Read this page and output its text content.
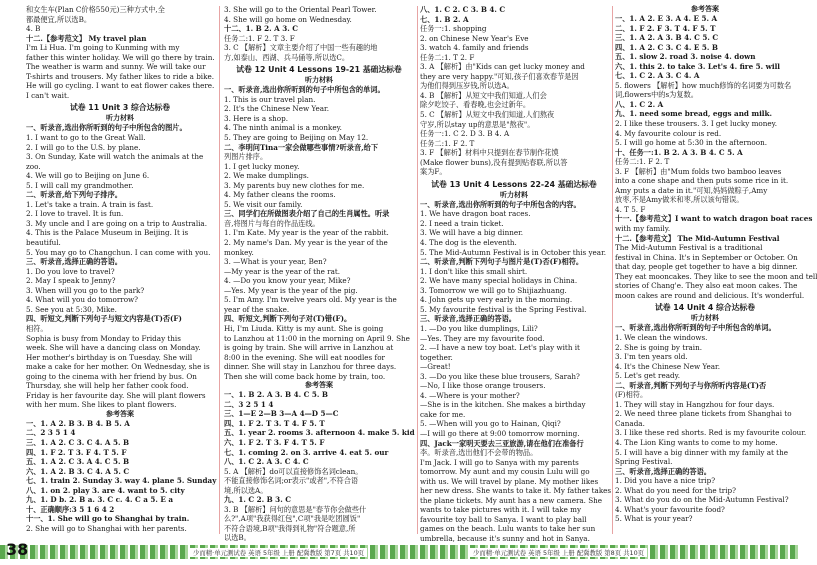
和女生车(Plan C价格550元)三种方式中,全
都最便宜,所以选B。
4. B
十二.【参考范文】 My travel plan
I'm Li Hua. I'm going to Kunming with my
father this winter holiday. We will go there by train.
The weather is warm and sunny. We will take our
T-shirts and trousers. My father likes to ride a bike.
He will go cycling. I want to eat flower cakes there.
I can't wait.
试卷 11 Unit 3 综合达标卷
听力材料
一、听录音,选出你所听到的句子中所包含的图片。
1. I want to go to the Great Wall.
2. I will go to the U.S. by plane.
3. On Sunday, Kate will watch the animals at the
zoo.
4. We will go to Beijing on June 6.
5. I will call my grandmother.
二、听录音,给下列句子排序。
1. Let's take a train. A train is fast.
2. I love to travel. It is fun.
3. My uncle and I are going on a trip to Australia.
4. This is the Palace Museum in Beijing. It is
beautiful.
5. You may go to Changchun. I can come with you.
三、听录音,选择正确的答语。
1. Do you love to travel?
2. May I speak to Jenny?
3. When will you go to the park?
4. What will you do tomorrow?
5. See you at 5:30, Mike.
四、听短文,判断下列句子与短文内容是(T)否(F)
相符。
Sophia is busy from Monday to Friday this
week. She will have a dancing class on Monday.
Her mother's birthday is on Tuesday. She will
make a cake for her mother. On Wednesday, she is
going to the cinema with her friend by bus. On
Thursday, she will help her father cook food.
Friday is her favourite day. She will plant flowers
with her mum. She likes to plant flowers.
参考答案
一、1. A 2. B 3. B 4. B 5. A
二、2 3 5 1 4
三、1. A 2. C 3. C 4. A 5. B
四、1. F 2. T 3. F 4. T 5. F
五、1. A 2. C 3. A 4. C 5. B
六、1. A 2. B 3. C 4. A 5. C
七、1. train 2. Sunday 3. way 4. plane 5. Sunday
八、1. on 2. play 3. are 4. want to 5. city
九、1. D b. 2. B a. 3. C c. 4. C a 5. E a
十、正确顺序:3 5 1 6 4 2
十一、1. She will go to Shanghai by train.
2. She will go to Shanghai with her parents.
3. She will go to the Oriental Pearl Tower.
4. She will go home on Wednesday.
十二、1. B 2. A 3. C
任务二:1. F 2. T 3. F
3. C 【解析】文章主要介绍了中国一些有趣的地
方,如泰山、西湖、兵马俑等,所以选C。
试卷 12 Unit 4 Lessons 19-21 基础达标卷
听力材料
一、听录音,选出你所听到的句子中所包含的单词。
1. This is our travel plan.
2. It's the Chinese New Year.
3. Here is a shop.
4. The ninth animal is a monkey.
5. They are going to Beijing on May 12.
二、李明问Tina一家会做哪些事情?听录音,给下
列图片排序。
1. I get lucky money.
2. We make dumplings.
3. My parents buy new clothes for me.
4. My father cleans the rooms.
5. We visit our family.
三、同学们在所做图表介绍了自己的生肖属性。听录
音,将图片与每自的作品连线。
1. I'm Kate. My year is the year of the rabbit.
2. My name's Dan. My year is the year of the
monkey.
3. —What is your year, Ben?
—My year is the year of the rat.
4. —Do you know your year, Mike?
—Yes. My year is the year of the pig.
5. I'm Amy. I'm twelve years old. My year is the
year of the snake.
四、听短文,判断下列句子对(T)错(F)。
Hi, I'm Liuda. Kitty is my aunt. She is going
to Lanzhou at 11:00 in the morning on April 9. She
is going by train. She will arrive in Lanzhou at
8:00 in the evening. She will eat noodles for
dinner. She will stay in Lanzhou for three days.
Then she will come back home by train, too.
参考答案
一、1. B 2. A 3. B 4. C 5. B
二、3 2 5 1 4
三、1—E 2—B 3—A 4—D 5—C
四、1. F 2. T 3. T 4. F 5. T
五、1. year 2. rooms 3. afternoon 4. make 5. kid
六、1. F 2. T 3. F 4. T 5. F
七、1. coming 2. on 3. arrive 4. eat 5. our
八、1. C 2. A 3. C 4. C
5. A 【解析】do可以直接修饰名词clean。
不能直接修饰名词;or表示"或者",不符合语
境,所以选A。
九、1. C 2. B 3. C
3. B 【解析】问句的意思是"春节你会做些什
么?",A项"我获得红包",C项"我是吃团圆饭"
不符合语境,B项"我得到礼物"符合题意,所
以选B。
八、1. C 2. C 3. B 4. C
七、1. B 2. A
任务一:1. shopping
2. on Chinese New Year's Eve
3. watch 4. family and friends
任务二:1. T 2. F
3. A 【解析】由"Kids can get lucky money and
they are very happy."可知,孩子们喜欢春节是因
为他们得到压岁钱,所以选A。
4. B 【解析】从短文中我们知道,人们会
除夕吃饺子、看春晚,也会过新年。
5. C 【解析】从短文中我们知道,人们熬夜
守岁,所以stay up的意思是"熬夜"。
任务一:1. C 2. D 3. B 4. A
任务二:1. F 2. T
3. F 【解析】材料中只提到在春节制作花馍
(Make flower buns),没有提到贴春联,所以答
案为F。
试卷 13 Unit 4 Lessons 22-24 基础达标卷
听力材料
一、听录音,选出你所听到的句子中所包含的内容。
1. We have dragon boat races.
2. I need a train ticket.
3. We will have a big dinner.
4. The dog is the eleventh.
5. The Mid-Autumn Festival is in October this year.
二、听录音,判断下列句子与图片是(T)否(F)相符。
1. I don't like this small shirt.
2. We have many special holidays in China.
3. Tomorrow we will go to Shijiazhuang.
4. John gets up very early in the morning.
5. My favourite festival is the Spring Festival.
三、听录音,选择正确的答语。
1. —Do you like dumplings, Lili?
—Yes. They are my favourite food.
2. —I have a new toy boat. Let's play with it
together.
—Great!
3. —Do you like these blue trousers, Sarah?
—No, I like those orange trousers.
4. —Where is your mother?
—She is in the kitchen. She makes a birthday
cake for me.
5. —When will you go to Hainan, Qiqi?
—I will go there at 9:00 tomorrow morning.
四、Jack一家明天要去三亚旅游,请在他们在准备行
李。听录音,选出他们不会带的物品。
I'm Jack. I will go to Sanya with my parents
tomorrow. My aunt and my cousin Lulu will go
with us. We will travel by plane. My mother likes
her new dress. She wants to take it. My father takes
the plane tickets. My aunt has a new camera. She
wants to take pictures with it. I will take my
favourite toy ball to Sanya. I want to play ball
games on the beach. Lulu wants to take her sun
umbrella, because it's sunny and hot in Sanya.
参考答案
一、1. A 2. E 3. A 4. E 5. A
二、1. F 2. F 3. T 4. F 5. T
三、1. A 2. A 3. B 4. C 5. C
四、1. A 2. C 3. C 4. E 5. B
五、1. slow 2. road 3. noise 4. down
六、1. this 2. to take 3. Let's 4. fire 5. will
七、1. C 2. A 3. C 4. A
5. flowers 【解析】how much修饰的名词要为可数名
词,flowers中的s为复数。
八、1. C 2. A
九、1. need some bread, eggs and milk.
2. I like these trousers. 3. I get lucky money.
4. My favourite colour is red.
5. I will go home at 5:30 in the afternoon.
十、任务一:1. B 2. A 3. B 4. C 5. A
任务二:1. F 2. T
3. F 【解析】由"Mum folds two bamboo leaves
into a cone shape and then puts some rice in it.
Amy puts a date in it."可知,妈妈做粽子,Amy
放枣,不是Amy做米和枣,所以该句错误。
4. T 5. F
十一.【参考范文】I want to watch dragon boat races
with my family.
十二.【参考范文】 The Mid-Autumn Festival
The Mid-Autumn Festival is a traditional
festival in China. It's in September or October. On
that day, people get together to have a big dinner.
They eat mooncakes. They like to see the moon and tell
stories of Chang'e. They also eat moon cakes. The
moon cakes are round and delicious. It's wonderful.
试卷 14 Unit 4 综合达标卷
听力材料
一、听录音,选出你所听到的句子中所包含的单词。
1. We clean the windows.
2. She is going by train.
3. I'm ten years old.
4. It's the Chinese New Year.
5. Let's get ready.
二、听录音,判断下列句子与你所听内容是(T)否
(F)相符。
1. They will stay in Hangzhou for four days.
2. We need three plane tickets from Shanghai to
Canada.
3. I like these red shorts. Red is my favourite colour.
4. The Lion King wants to come to my home.
5. I will have a big dinner with my family at the
Spring Festival.
三、听录音,选择正确的答语。
1. Did you have a nice trip?
2. What do you need for the trip?
3. What do you do on the Mid-Autumn Festival?
4. What's your favourite food?
5. What is your year?
38	少而精·单元测试卷 英语 5年级 上册 配冀教版 第7页 共10页	少而精·单元测试卷 英语 5年级 上册 配冀教版 第8页 共10页
